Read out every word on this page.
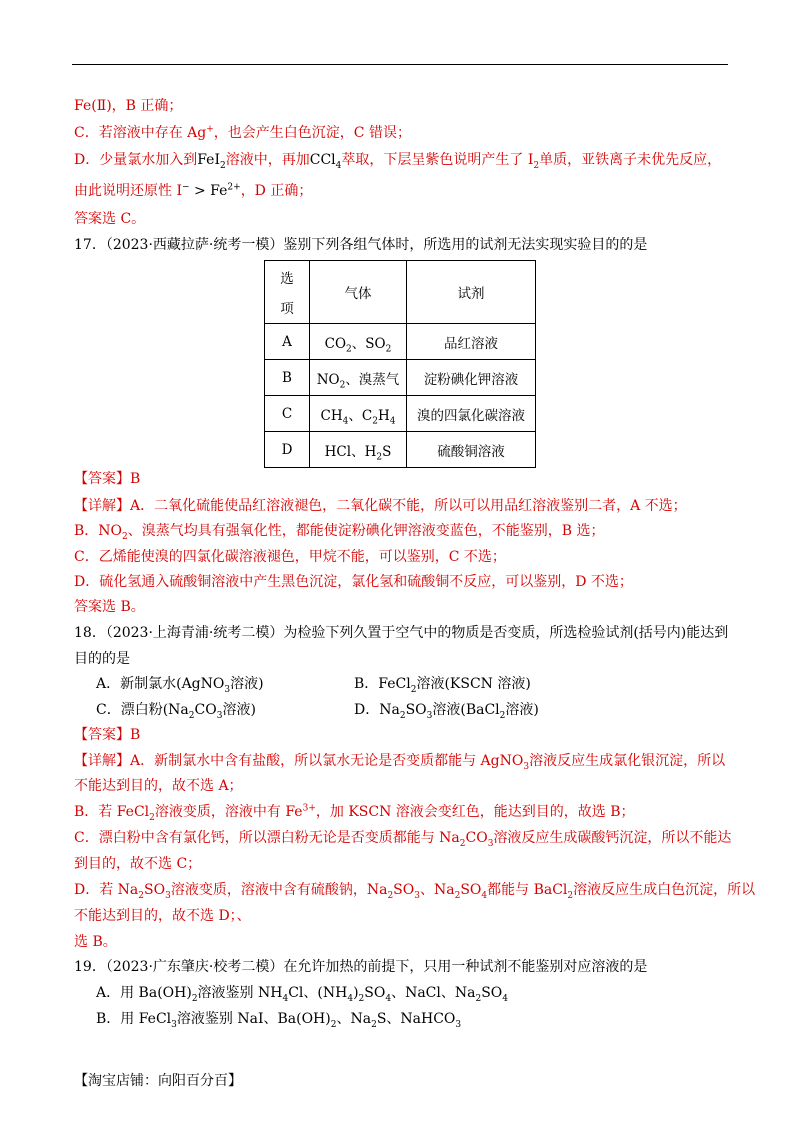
Fe(Ⅱ)，B 正确；
C．若溶液中存在 Ag+，也会产生白色沉淀，C 错误；
D．少量氯水加入到FeI$_2$溶液中，再加CCl$_4$萃取，下层呈紫色说明产生了 $I_2$单质，亚铁离子未优先反应，
由此说明还原性 $I^- > Fe^{2+}$，D 正确；
答案选 C。
17．（2023·西藏拉萨·统考一模）鉴别下列各组气体时，所选用的试剂无法实现实验目的的是
选
项	气体	试剂
A	$CO_2$、$SO_2$	品红溶液
B	$NO_2$、溴蒸气	淀粉碘化钾溶液
C	$CH_4$、$C_2H_4$	溴的四氯化碳溶液
D	HCl、$H_2S$	硫酸铜溶液
【答案】B
【详解】A．二氧化硫能使品红溶液褪色，二氧化碳不能，所以可以用品红溶液鉴别二者，A 不选；
B．$NO_2$、溴蒸气均具有强氧化性，都能使淀粉碘化钾溶液变蓝色，不能鉴别，B 选；
C．乙烯能使溴的四氯化碳溶液褪色，甲烷不能，可以鉴别，C 不选；
D．硫化氢通入硫酸铜溶液中产生黑色沉淀，氯化氢和硫酸铜不反应，可以鉴别，D 不选；
答案选 B。
18．（2023·上海青浦·统考二模）为检验下列久置于空气中的物质是否变质，所选检验试剂(括号内)能达到
目的的是
A．新制氯水(AgNO$_3$溶液)	B．FeCl$_2$溶液(KSCN 溶液)
C．漂白粉($Na_2CO_3$溶液)	D．$Na_2SO_3$溶液(BaCl$_2$溶液)
【答案】B
【详解】A．新制氯水中含有盐酸，所以氯水无论是否变质都能与 AgNO$_3$溶液反应生成氯化银沉淀，所以
不能达到目的，故不选 A；
B．若 FeCl$_2$溶液变质，溶液中有 $Fe^{3+}$，加 KSCN 溶液会变红色，能达到目的，故选 B；
C．漂白粉中含有氯化钙，所以漂白粉无论是否变质都能与 $Na_2CO_3$溶液反应生成碳酸钙沉淀，所以不能达
到目的，故不选 C；
D．若 $Na_2SO_3$溶液变质，溶液中含有硫酸钠，$Na_2SO_3$、$Na_2SO_4$都能与 BaCl$_2$溶液反应生成白色沉淀，所以
不能达到目的，故不选 D；、
选 B。
19．（2023·广东肇庆·校考二模）在允许加热的前提下，只用一种试剂不能鉴别对应溶液的是
A．用 $Ba(OH)_2$溶液鉴别 $NH_4Cl$、$(NH_4)_2SO_4$、NaCl、$Na_2SO_4$
B．用 FeCl$_3$溶液鉴别 NaI、$Ba(OH)_2$、$Na_2S$、NaHCO$_3$
【淘宝店铺：向阳百分百】
